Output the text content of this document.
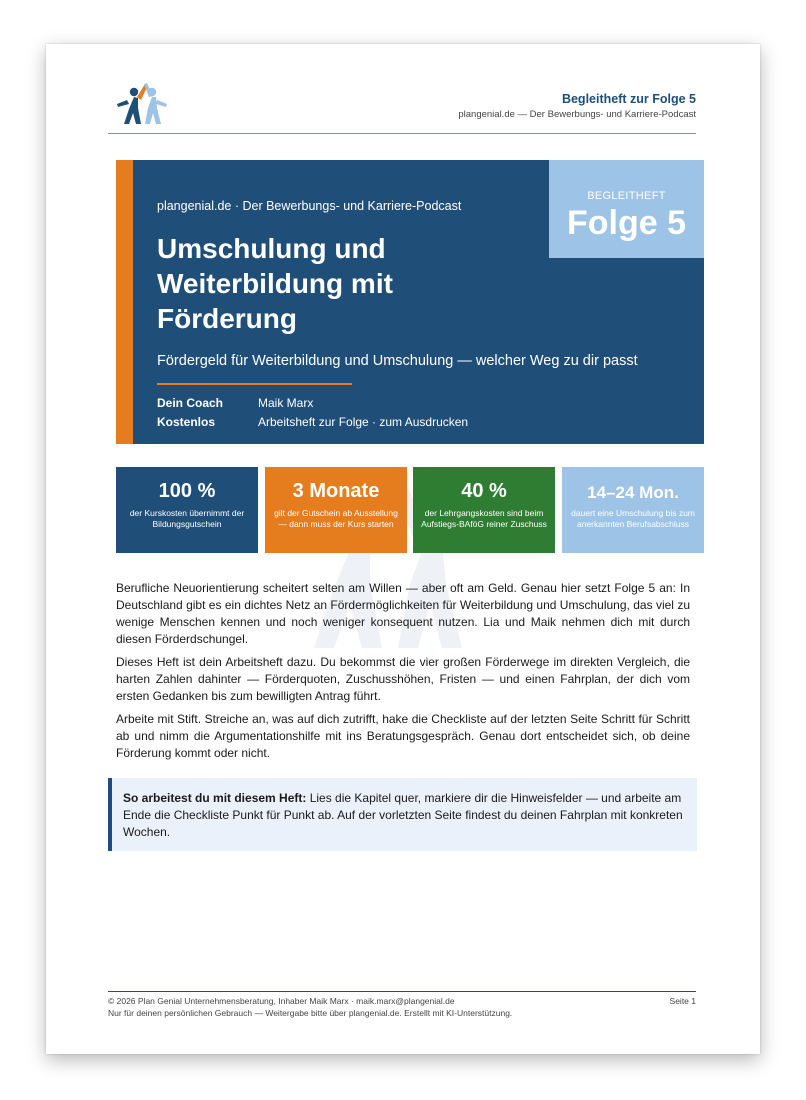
Begleitheft zur Folge 5
plangenial.de — Der Bewerbungs- und Karriere-Podcast
plangenial.de · Der Bewerbungs- und Karriere-Podcast
Umschulung und Weiterbildung mit Förderung
Fördergeld für Weiterbildung und Umschulung — welcher Weg zu dir passt
Dein Coach	Maik Marx
Kostenlos	Arbeitsheft zur Folge · zum Ausdrucken
BEGLEITHEFT
Folge 5
100 %
der Kurskosten übernimmt der Bildungsgutschein
3 Monate
gilt der Gutschein ab Ausstellung — dann muss der Kurs starten
40 %
der Lehrgangskosten sind beim Aufstiegs-BAföG reiner Zuschuss
14–24 Mon.
dauert eine Umschulung bis zum anerkannten Berufsabschluss
Berufliche Neuorientierung scheitert selten am Willen — aber oft am Geld. Genau hier setzt Folge 5 an: In Deutschland gibt es ein dichtes Netz an Fördermöglichkeiten für Weiterbildung und Umschulung, das viel zu wenige Menschen kennen und noch weniger konsequent nutzen. Lia und Maik nehmen dich mit durch diesen Förderdschungel.
Dieses Heft ist dein Arbeitsheft dazu. Du bekommst die vier großen Förderwege im direkten Vergleich, die harten Zahlen dahinter — Förderquoten, Zuschusshöhen, Fristen — und einen Fahrplan, der dich vom ersten Gedanken bis zum bewilligten Antrag führt.
Arbeite mit Stift. Streiche an, was auf dich zutrifft, hake die Checkliste auf der letzten Seite Schritt für Schritt ab und nimm die Argumentationshilfe mit ins Beratungsgespräch. Genau dort entscheidet sich, ob deine Förderung kommt oder nicht.
So arbeitest du mit diesem Heft: Lies die Kapitel quer, markiere dir die Hinweisfelder — und arbeite am Ende die Checkliste Punkt für Punkt ab. Auf der vorletzten Seite findest du deinen Fahrplan mit konkreten Wochen.
© 2026 Plan Genial Unternehmensberatung, Inhaber Maik Marx · maik.marx@plangenial.de
Nur für deinen persönlichen Gebrauch — Weitergabe bitte über plangenial.de. Erstellt mit KI-Unterstützung.
Seite 1
